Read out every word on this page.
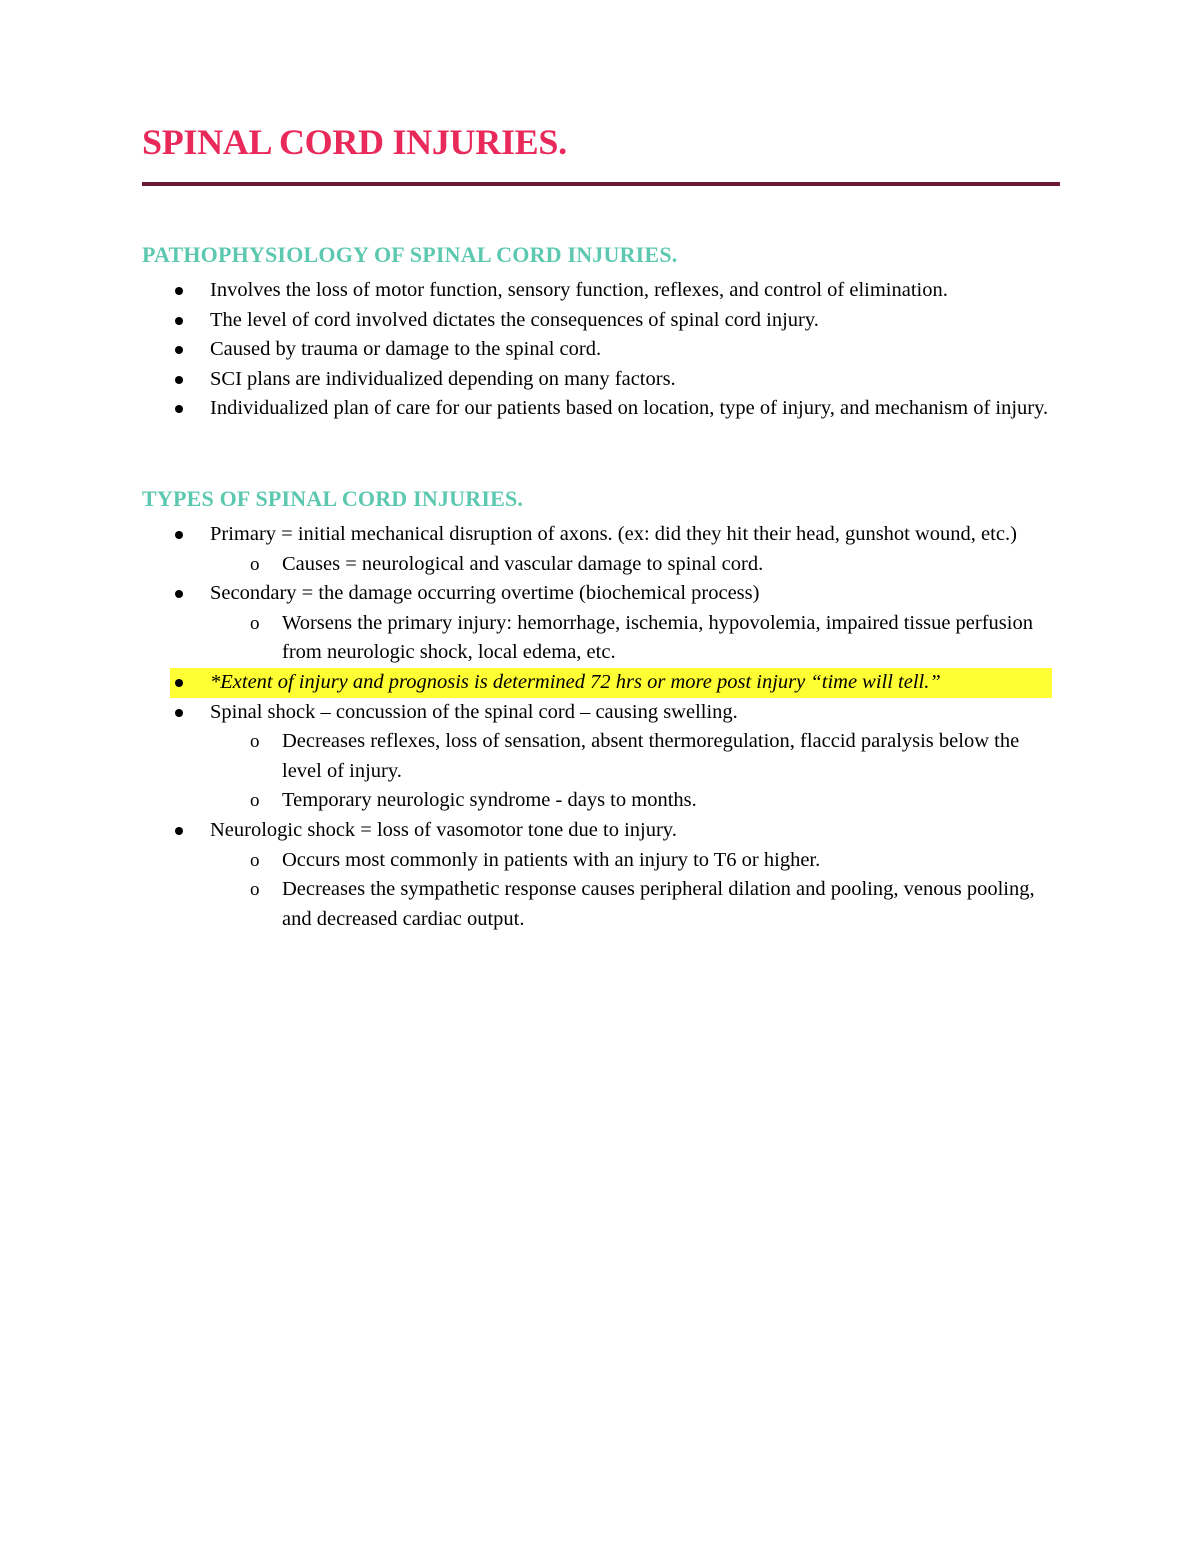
SPINAL CORD INJURIES.
PATHOPHYSIOLOGY OF SPINAL CORD INJURIES.
Involves the loss of motor function, sensory function, reflexes, and control of elimination.
The level of cord involved dictates the consequences of spinal cord injury.
Caused by trauma or damage to the spinal cord.
SCI plans are individualized depending on many factors.
Individualized plan of care for our patients based on location, type of injury, and mechanism of injury.
TYPES OF SPINAL CORD INJURIES.
Primary = initial mechanical disruption of axons. (ex: did they hit their head, gunshot wound, etc.)
o Causes = neurological and vascular damage to spinal cord.
Secondary = the damage occurring overtime (biochemical process)
o Worsens the primary injury: hemorrhage, ischemia, hypovolemia, impaired tissue perfusion from neurologic shock, local edema, etc.
*Extent of injury and prognosis is determined 72 hrs or more post injury “time will tell.”
Spinal shock – concussion of the spinal cord – causing swelling.
o Decreases reflexes, loss of sensation, absent thermoregulation, flaccid paralysis below the level of injury.
o Temporary neurologic syndrome - days to months.
Neurologic shock = loss of vasomotor tone due to injury.
o Occurs most commonly in patients with an injury to T6 or higher.
o Decreases the sympathetic response causes peripheral dilation and pooling, venous pooling, and decreased cardiac output.
